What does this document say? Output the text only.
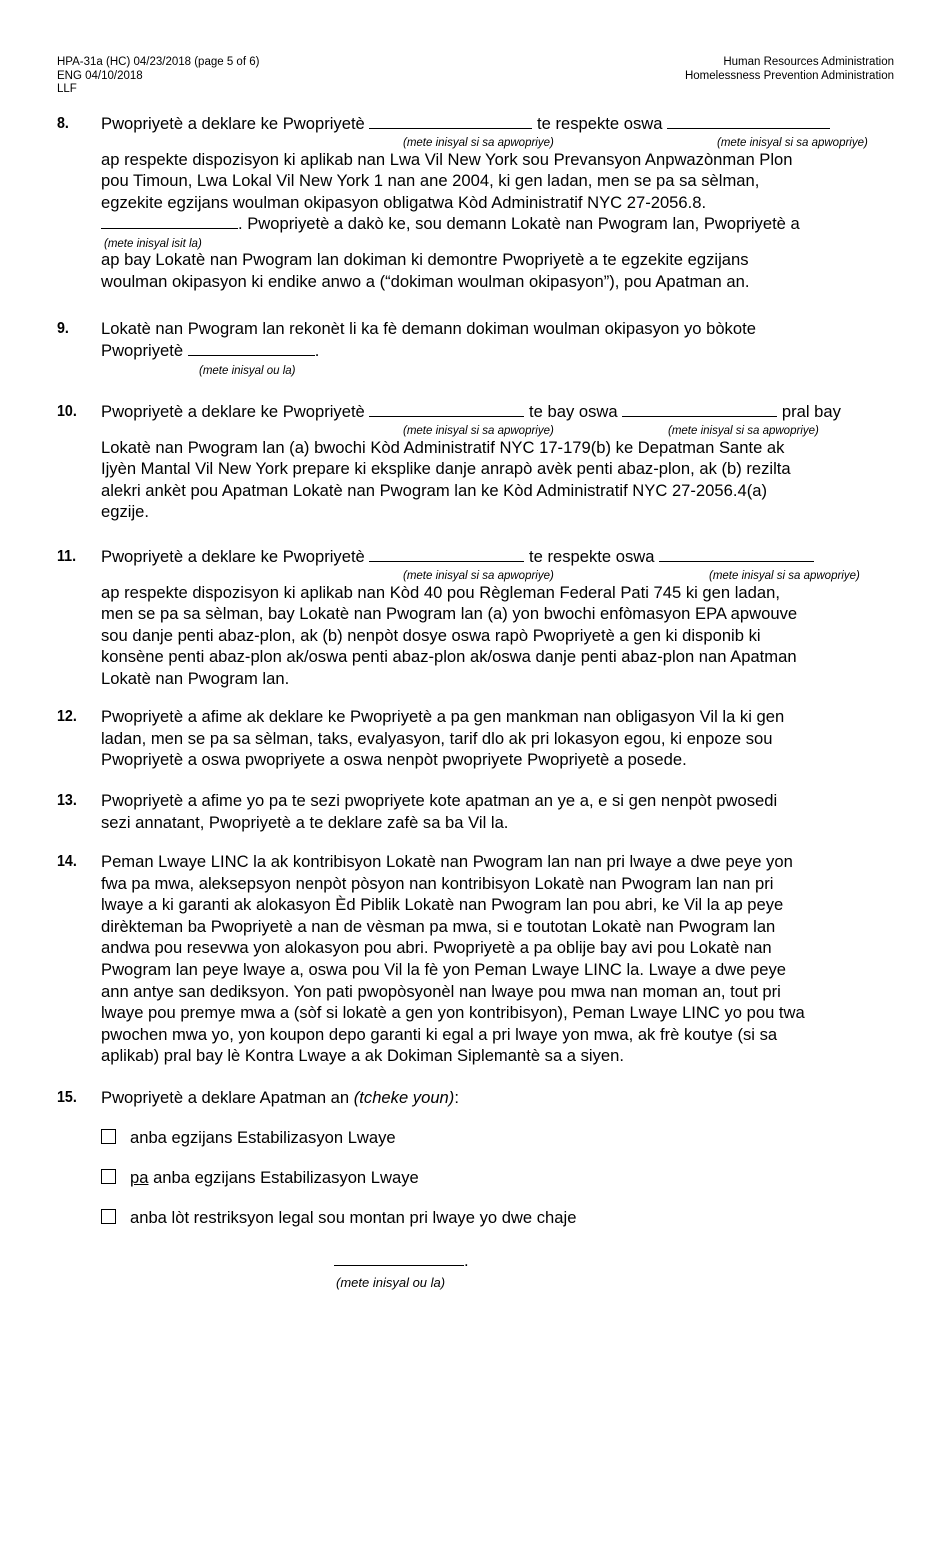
HPA-31a (HC) 04/23/2018 (page 5 of 6)
ENG 04/10/2018
LLF
Human Resources Administration
Homelessness Prevention Administration
8. Pwopriyetè a deklare ke Pwopriyetè	te respekte oswa
ap respekte dispozisyon ki aplikab nan Lwa Vil New York sou Prevansyon Anpwazònman Plon
pou Timoun, Lwa Lokal Vil New York 1 nan ane 2004, ki gen ladan, men se pa sa sèlman,
egzekite egzijans woulman okipasyon obligatwa Kòd Administratif NYC 27-2056.8.
. Pwopriyetè a dakò ke, sou demann Lokatè nan Pwogram lan, Pwopriyetè a
ap bay Lokatè nan Pwogram lan dokiman ki demontre Pwopriyetè a te egzekite egzijans
woulman okipasyon ki endike anwo a (“dokiman woulman okipasyon”), pou Apatman an.
(mete inisyal si sa apwopriye)	(mete inisyal si sa apwopriye)
(mete inisyal isit la)
9. Lokatè nan Pwogram lan rekonèt li ka fè demann dokiman woulman okipasyon yo bòkote
Pwopriyetè	.
(mete inisyal ou la)
10. Pwopriyetè a deklare ke Pwopriyetè	te bay oswa	pral bay
Lokatè nan Pwogram lan (a) bwochi Kòd Administratif NYC 17-179(b) ke Depatman Sante ak
Ijyèn Mantal Vil New York prepare ki eksplike danje anrapò avèk penti abaz-plon, ak (b) rezilta
alekri ankèt pou Apatman Lokatè nan Pwogram lan ke Kòd Administratif NYC 27-2056.4(a)
egzije.
(mete inisyal si sa apwopriye)	(mete inisyal si sa apwopriye)
11. Pwopriyetè a deklare ke Pwopriyetè	te respekte oswa
ap respekte dispozisyon ki aplikab nan Kòd 40 pou Règleman Federal Pati 745 ki gen ladan,
men se pa sa sèlman, bay Lokatè nan Pwogram lan (a) yon bwochi enfòmasyon EPA apwouve
sou danje penti abaz-plon, ak (b) nenpòt dosye oswa rapò Pwopriyetè a gen ki disponib ki
konsène penti abaz-plon ak/oswa penti abaz-plon ak/oswa danje penti abaz-plon nan Apatman
Lokatè nan Pwogram lan.
(mete inisyal si sa apwopriye)	(mete inisyal si sa apwopriye)
12. Pwopriyetè a afime ak deklare ke Pwopriyetè a pa gen mankman nan obligasyon Vil la ki gen
ladan, men se pa sa sèlman, taks, evalyasyon, tarif dlo ak pri lokasyon egou, ki enpoze sou
Pwopriyetè a oswa pwopriyete a oswa nenpòt pwopriyete Pwopriyetè a posede.
13. Pwopriyetè a afime yo pa te sezi pwopriyete kote apatman an ye a, e si gen nenpòt pwosedi
sezi annatant, Pwopriyetè a te deklare zafè sa ba Vil la.
14. Peman Lwaye LINC la ak kontribisyon Lokatè nan Pwogram lan nan pri lwaye a dwe peye yon
fwa pa mwa, aleksepsyon nenpòt pòsyon nan kontribisyon Lokatè nan Pwogram lan nan pri
lwaye a ki garanti ak alokasyon Èd Piblik Lokatè nan Pwogram lan pou abri, ke Vil la ap peye
dirèkteman ba Pwopriyetè a nan de vèsman pa mwa, si e toutotan Lokatè nan Pwogram lan
andwa pou resevwa yon alokasyon pou abri. Pwopriyetè a pa oblije bay avi pou Lokatè nan
Pwogram lan peye lwaye a, oswa pou Vil la fè yon Peman Lwaye LINC la. Lwaye a dwe peye
ann antye san dediksyon. Yon pati pwopòsyonèl nan lwaye pou mwa nan moman an, tout pri
lwaye pou premye mwa a (sòf si lokatè a gen yon kontribisyon), Peman Lwaye LINC yo pou twa
pwochen mwa yo, yon koupon depo garanti ki egal a pri lwaye yon mwa, ak frè koutye (si sa
aplikab) pral bay lè Kontra Lwaye a ak Dokiman Siplemantè sa a siyen.
15. Pwopriyetè a deklare Apatman an (tcheke youn):
anba egzijans Estabilizasyon Lwaye
pa anba egzijans Estabilizasyon Lwaye
anba lòt restriksyon legal sou montan pri lwaye yo dwe chaje
.
(mete inisyal ou la)
